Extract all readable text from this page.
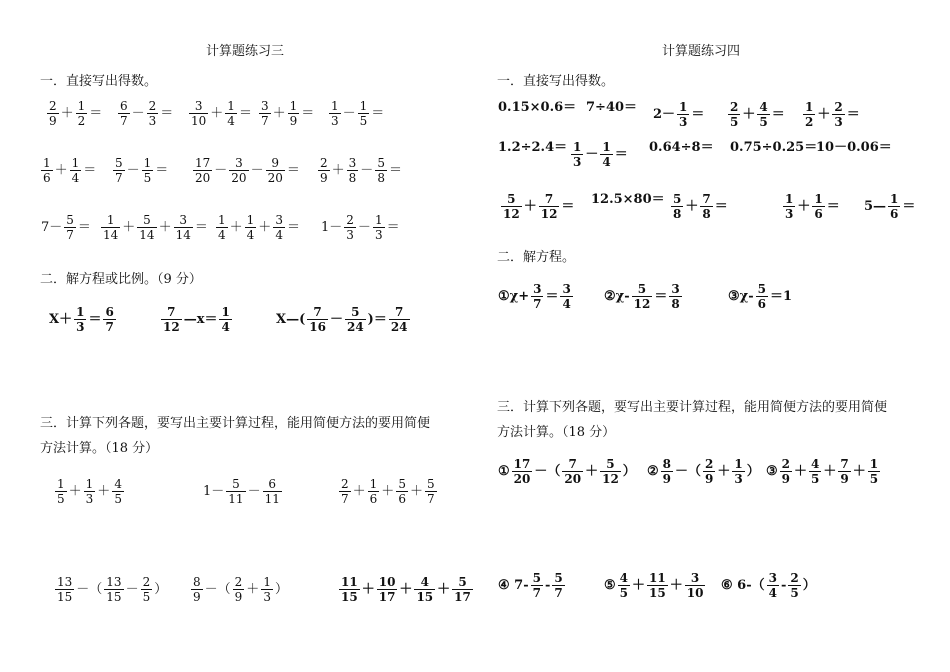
计算题练习三
一．直接写出得数。
$\frac{2}{9} + \frac{1}{2} = \frac{6}{7} - \frac{2}{3} = \frac{3}{10} + \frac{1}{4} = \frac{3}{7} + \frac{1}{9} = \frac{1}{3} - \frac{1}{5}$ ＝
$\frac{1}{6} + \frac{1}{4} = \frac{5}{7} - \frac{1}{5} = \frac{17}{20} - \frac{3}{20} - \frac{9}{20} = \frac{2}{9} + \frac{3}{8} - \frac{5}{8}$ ＝
$7- \frac{5}{7} = \frac{1}{14} + \frac{5}{14} + \frac{3}{14} = \frac{1}{4} + \frac{1}{4} + \frac{3}{4} = 1- \frac{2}{3} - \frac{1}{3}$ ＝
二．解方程或比例。（9 分）
$X+ \frac{1}{3} = \frac{6}{7}$	$\frac{7}{12}$ —x＝ $\frac{1}{4}$	X—( $\frac{7}{16} - \frac{5}{24}$ )＝ $\frac{7}{24}$
三．计算下列各题，要写出主要计算过程，能用简便方法的要用简便
方法计算。（18 分）
$\frac{1}{5} + \frac{1}{3} + \frac{4}{5}$	$1- \frac{5}{11} - \frac{6}{11}$	$\frac{2}{7} + \frac{1}{6} + \frac{5}{6} + \frac{5}{7}$
$\frac{13}{15}$ －（ $\frac{13}{15} - \frac{2}{5}$ ） $\frac{8}{9}$ －（ $\frac{2}{9} + \frac{1}{3}$ ）	$\frac{11}{15} + \frac{10}{17} + \frac{4}{15} + \frac{5}{17}$
计算题练习四
一．直接写出得数。
$0.15\times 0.6= 7\div 40= 2- \frac{1}{3} = \frac{2}{5} + \frac{4}{5} = \frac{1}{2} + \frac{2}{3}$ ＝
$1.2\div 2.4= \frac{1}{3} - \frac{1}{4} = 0.64\div 8= 0.75\div 0.25=$
10－0.06＝
$\frac{5}{12} + \frac{7}{12} = 12.5\times 80= \frac{5}{8} + \frac{7}{8}$ ＝	$\frac{1}{3} + \frac{1}{6}$ ＝ 5— $\frac{1}{6}$ ＝
二．解方程。
①χ+ $\frac{3}{7} = \frac{3}{4}$ ②χ- $\frac{5}{12} = \frac{3}{8}$	③χ- $\frac{5}{6} =1$
三．计算下列各题，要写出主要计算过程，能用简便方法的要用简便
方法计算。（18 分）
① $\frac{17}{20}$ －（ $\frac{7}{20} + \frac{5}{12}$ ） ② $\frac{8}{9}$ －（ $\frac{2}{9} + \frac{1}{3}$ ） ③ $\frac{2}{9} + \frac{4}{5} + \frac{7}{9} + \frac{1}{5}$
④ $7- \frac{5}{7} - \frac{5}{7}$	⑤ $\frac{4}{5} + \frac{11}{15} + \frac{3}{10}$ ⑥ $6-( \frac{3}{4} - \frac{2}{5}$ ）
